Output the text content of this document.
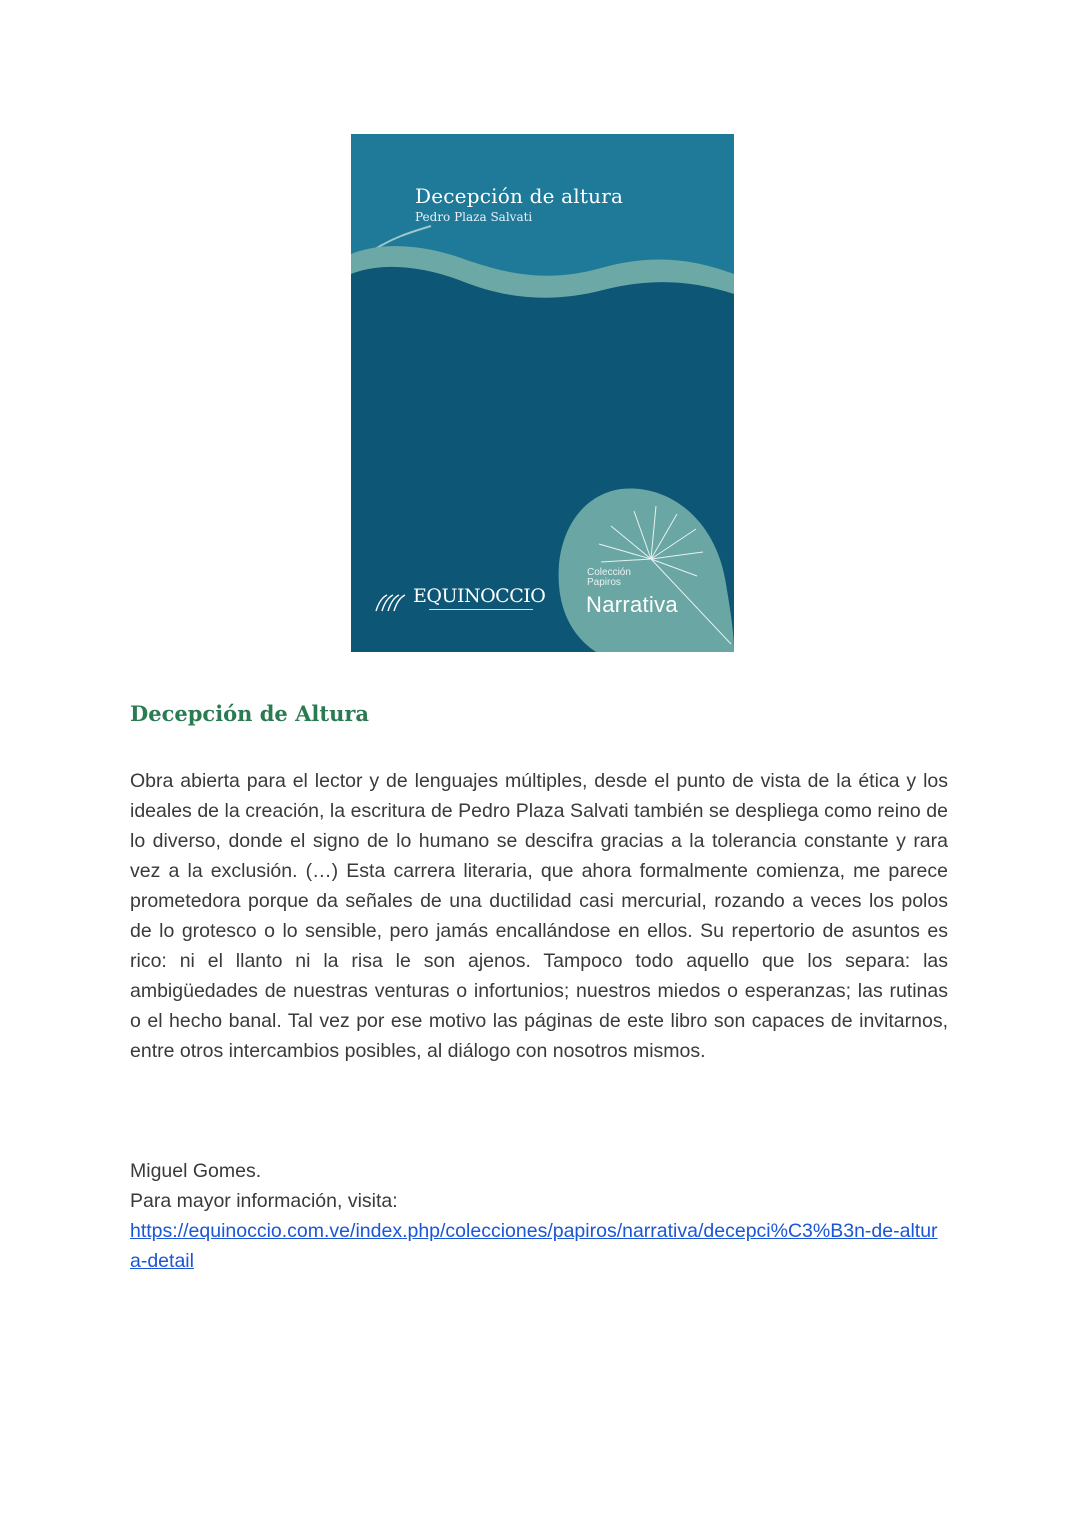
Decepción de altura
Pedro Plaza Salvati
EQUINOCCIO
Colección
Papiros
Narrativa
Decepción de Altura

Obra abierta para el lector y de lenguajes múltiples, desde el punto de vista de la ética y los ideales de la creación, la escritura de Pedro Plaza Salvati también se despliega como reino de lo diverso, donde el signo de lo humano se descifra gracias a la tolerancia constante y rara vez a la exclusión. (…) Esta carrera literaria, que ahora formalmente comienza, me parece prometedora porque da señales de una ductilidad casi mercurial, rozando a veces los polos de lo grotesco o lo sensible, pero jamás encallándose en ellos. Su repertorio de asuntos es rico: ni el llanto ni la risa le son ajenos. Tampoco todo aquello que los separa: las ambigüedades de nuestras venturas o infortunios; nuestros miedos o esperanzas; las rutinas o el hecho banal. Tal vez por ese motivo las páginas de este libro son capaces de invitarnos, entre otros intercambios posibles, al diálogo con nosotros mismos.

Miguel Gomes.

Para mayor información, visita:

https://equinoccio.com.ve/index.php/colecciones/papiros/narrativa/decepci%C3%B3n-de-altura-detail
